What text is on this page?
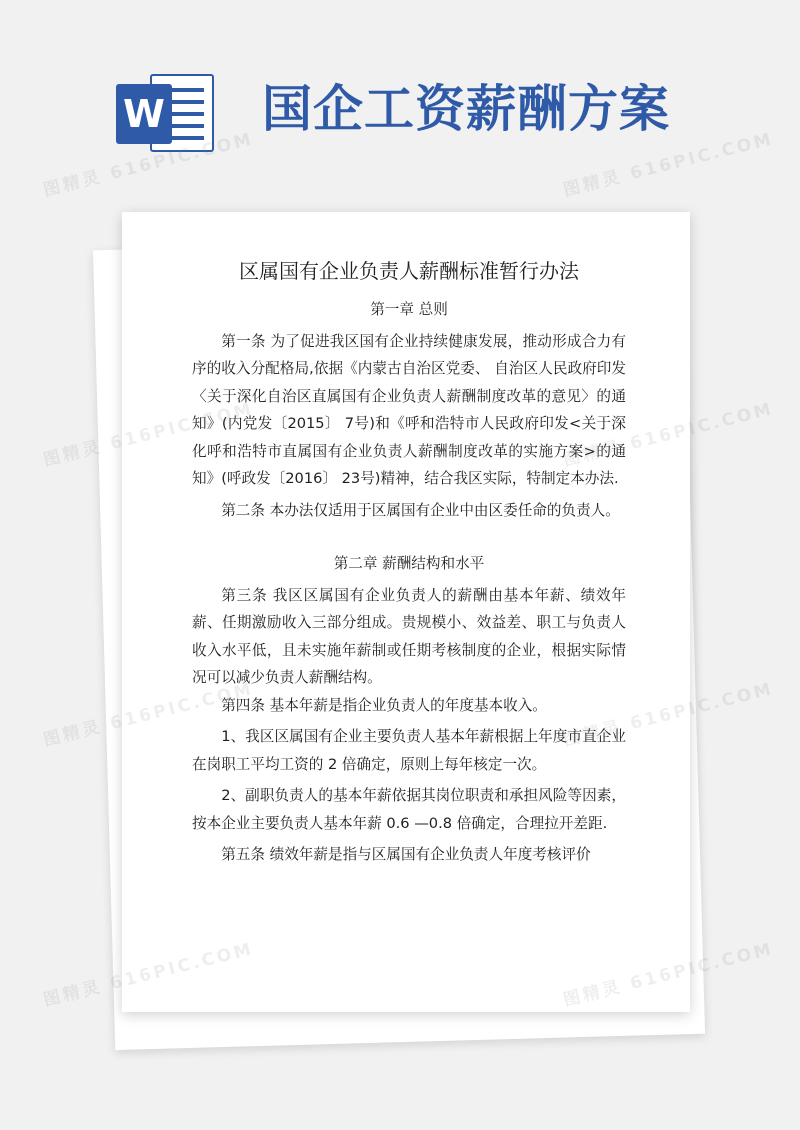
W 国企工资薪酬方案

区属国有企业负责人薪酬标准暂行办法

第一章 总则

第一条 为了促进我区国有企业持续健康发展，推动形成合力有序的收入分配格局,依据《内蒙古自治区党委、 自治区人民政府印发〈关于深化自治区直属国有企业负责人薪酬制度改革的意见〉的通知》(内党发〔2015〕 7号)和《呼和浩特市人民政府印发<关于深化呼和浩特市直属国有企业负责人薪酬制度改革的实施方案>的通知》(呼政发〔2016〕 23号)精神，结合我区实际，特制定本办法.

第二条 本办法仅适用于区属国有企业中由区委任命的负责人。

第二章 薪酬结构和水平

第三条 我区区属国有企业负责人的薪酬由基本年薪、绩效年薪、任期激励收入三部分组成。贵规模小、效益差、职工与负责人收入水平低，且未实施年薪制或任期考核制度的企业，根据实际情况可以减少负责人薪酬结构。

第四条 基本年薪是指企业负责人的年度基本收入。

1、我区区属国有企业主要负责人基本年薪根据上年度市直企业在岗职工平均工资的 2 倍确定，原则上每年核定一次。

2、副职负责人的基本年薪依据其岗位职责和承担风险等因素，按本企业主要负责人基本年薪 0.6 —0.8 倍确定，合理拉开差距.

第五条 绩效年薪是指与区属国有企业负责人年度考核评价

图精灵 616PIC.COM	图精灵 616PIC.COM
图精灵	616PIC.COM
图精灵	616PIC.COM
图精灵
